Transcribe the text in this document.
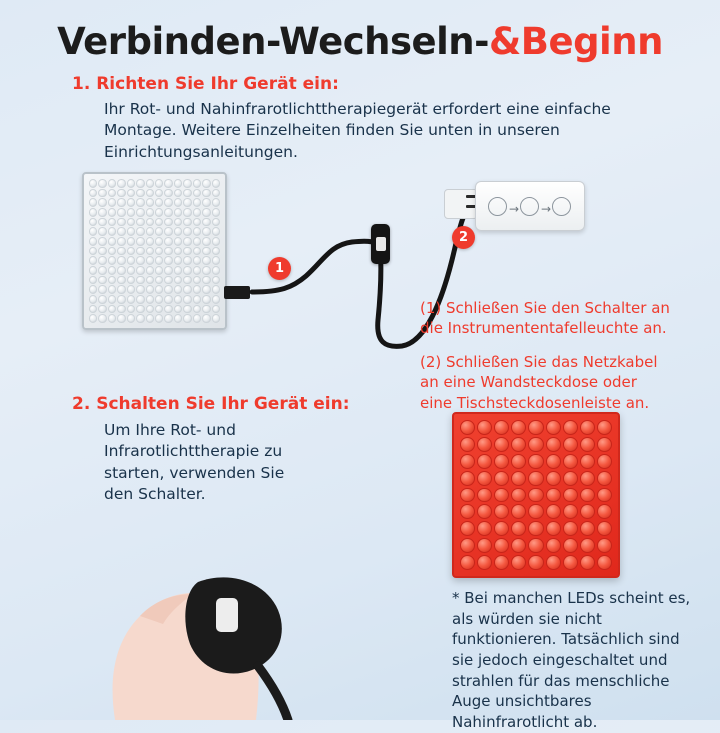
Verbinden-Wechseln-&Beginn
1. Richten Sie Ihr Gerät ein:
Ihr Rot- und Nahinfrarotlichttherapiegerät erfordert eine einfache Montage. Weitere Einzelheiten finden Sie unten in unseren Einrichtungsanleitungen.
→ →
1
2
(1) Schließen Sie den Schalter an die Instrumententafelleuchte an.
(2) Schließen Sie das Netzkabel an eine Wandsteckdose oder eine Tischsteckdosenleiste an.
2. Schalten Sie Ihr Gerät ein:
Um Ihre Rot- und Infrarotlichttherapie zu starten, verwenden Sie den Schalter.
* Bei manchen LEDs scheint es, als würden sie nicht funktionieren. Tatsächlich sind sie jedoch eingeschaltet und strahlen für das menschliche Auge unsichtbares Nahinfrarotlicht ab.
